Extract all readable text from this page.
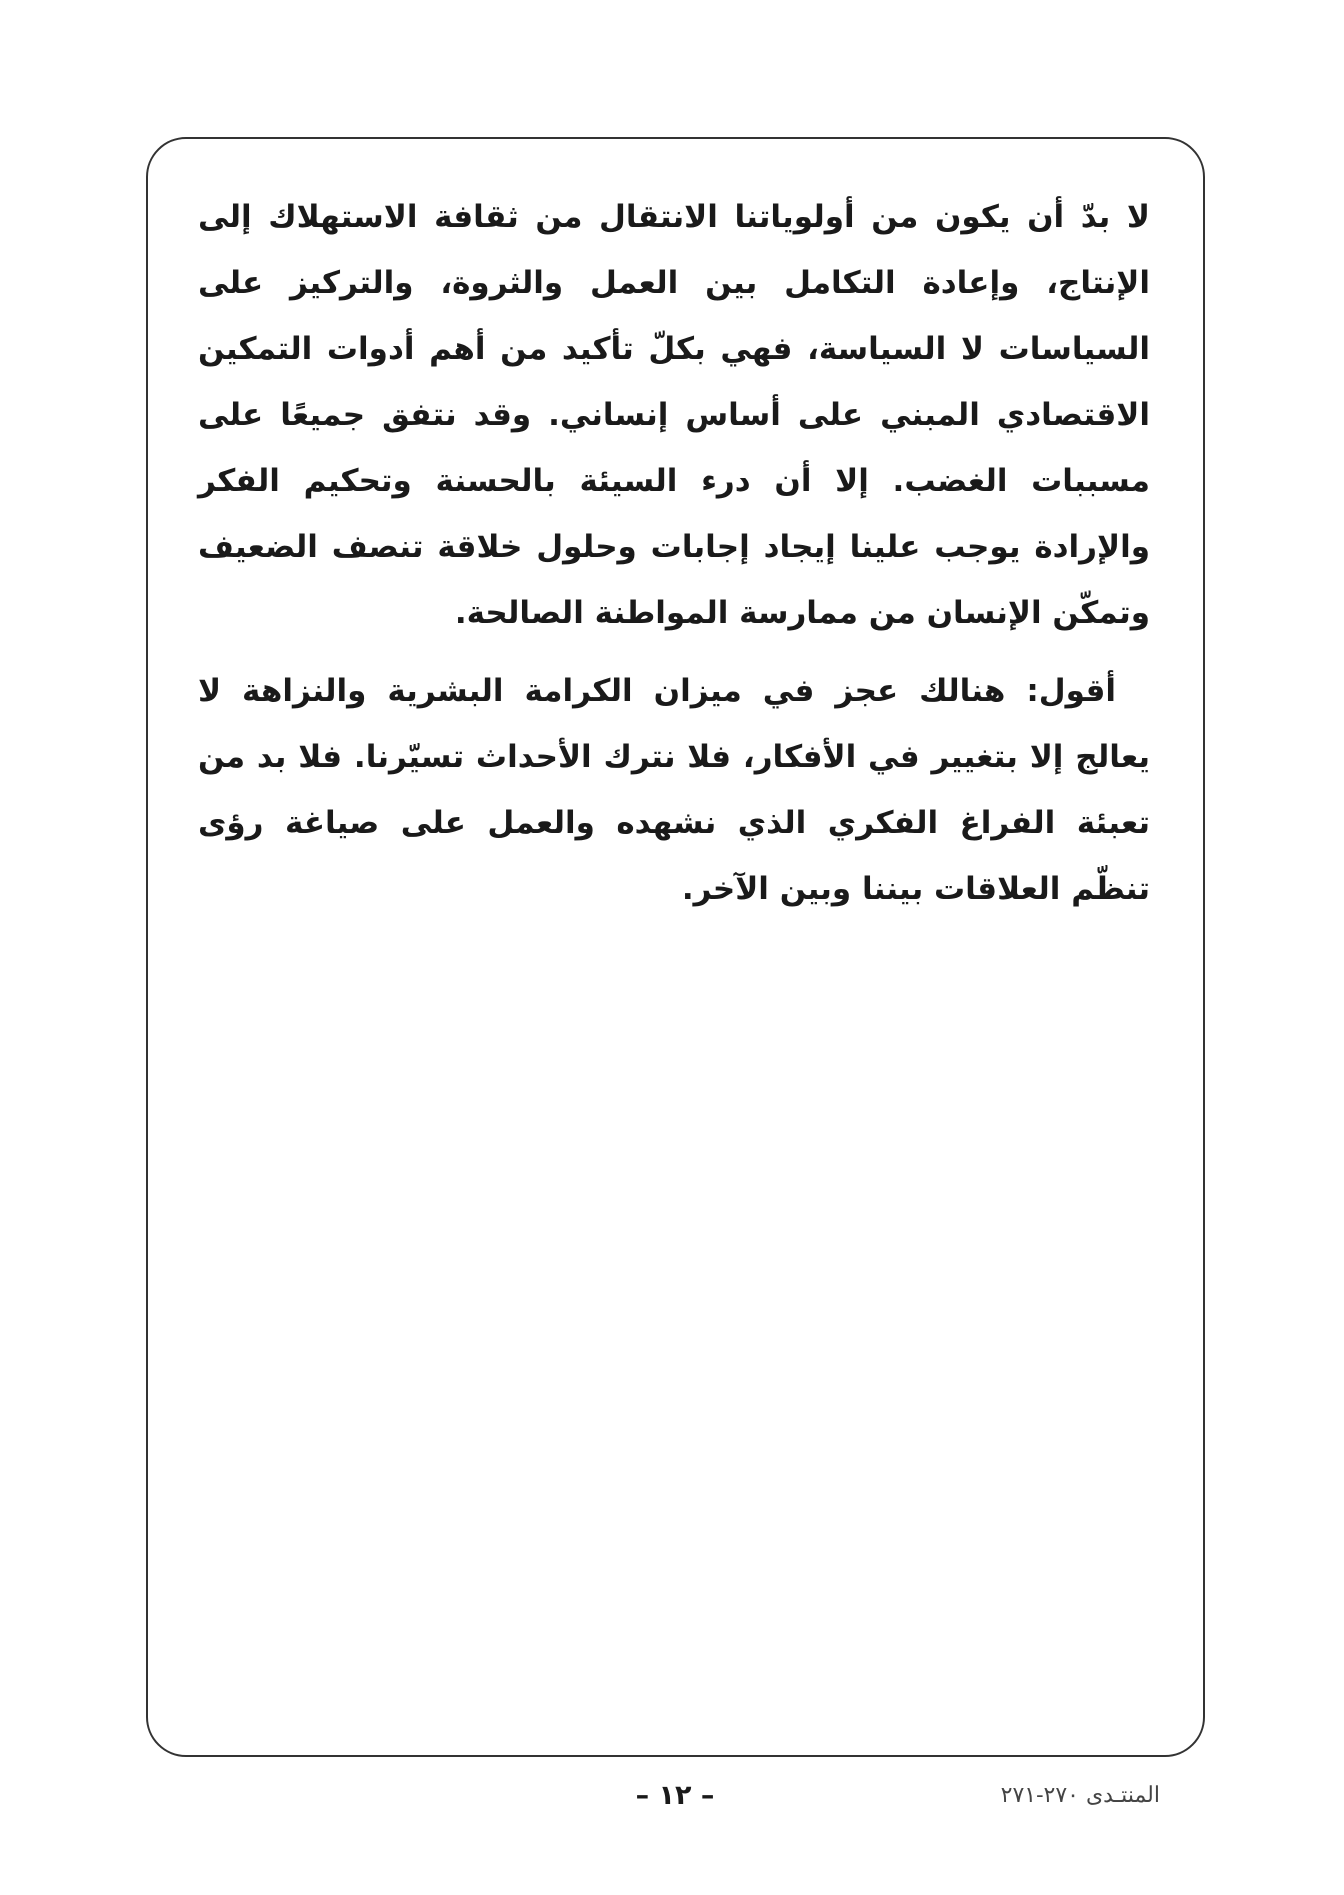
لا بدّ أن يكون من أولوياتنا الانتقال من ثقافة الاستهلاك إلى الإنتاج، وإعادة التكامل بين العمل والثروة، والتركيز على السياسات لا السياسة، فهي بكلّ تأكيد من أهم أدوات التمكين الاقتصادي المبني على أساس إنساني. وقد نتفق جميعًا على مسببات الغضب. إلا أن درء السيئة بالحسنة وتحكيم الفكر والإرادة يوجب علينا إيجاد إجابات وحلول خلاقة تنصف الضعيف وتمكّن الإنسان من ممارسة المواطنة الصالحة.

أقول: هنالك عجز في ميزان الكرامة البشرية والنزاهة لا يعالج إلا بتغيير في الأفكار، فلا نترك الأحداث تسيّرنا. فلا بد من تعبئة الفراغ الفكري الذي نشهده والعمل على صياغة رؤى تنظّم العلاقات بيننا وبين الآخر.

– ١٢ –	المنتـدى ٢٧٠-٢٧١
